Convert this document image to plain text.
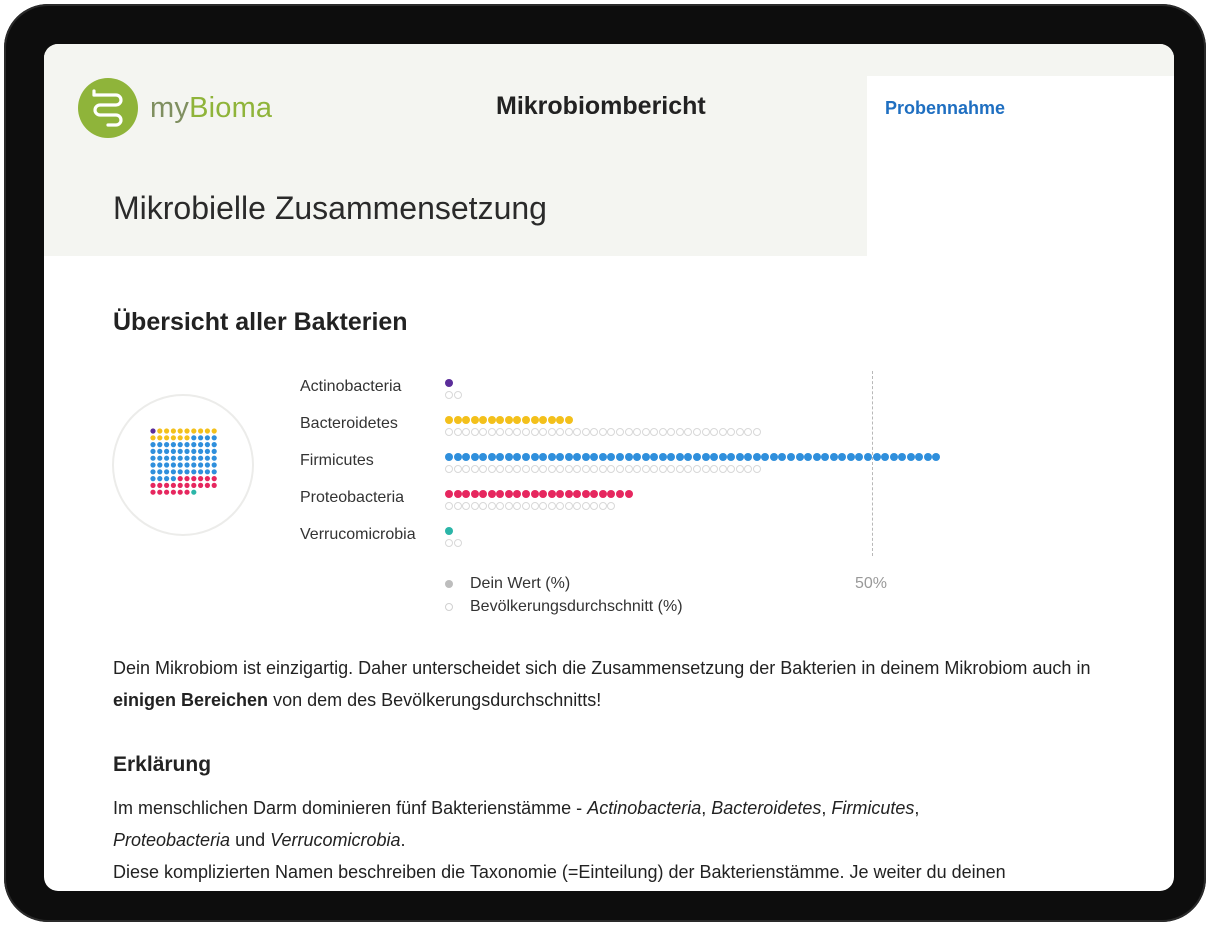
myBioma	Mikrobiombericht
Mikrobielle Zusammensetzung
Probennahme
Übersicht aller Bakterien
Dein Wert (%)
Bevölkerungsdurchschnitt (%)
50%
Dein Mikrobiom ist einzigartig. Daher unterscheidet sich die Zusammensetzung der Bakterien in deinem Mikrobiom auch in einigen Bereichen von dem des Bevölkerungsdurchschnitts!
Erklärung
Im menschlichen Darm dominieren fünf Bakterienstämme - Actinobacteria, Bacteroidetes, Firmicutes,
Proteobacteria und Verrucomicrobia.
Diese komplizierten Namen beschreiben die Taxonomie (=Einteilung) der Bakterienstämme. Je weiter du deinen
Actinobacteria
Bacteroidetes
Firmicutes
Proteobacteria
Verrucomicrobia
